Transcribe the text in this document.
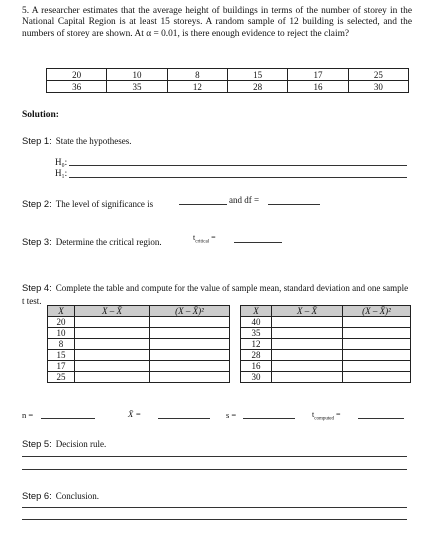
5. A researcher estimates that the average height of buildings in terms of the number of storey in the National Capital Region is at least 15 storeys. A random sample of 12 building is selected, and the numbers of storey are shown. At α = 0.01, is there enough evidence to reject the claim?
20	10	8	15	17	25
36	35	12	28	16	30
Solution:
Step 1: State the hypotheses.
H₀:
H₁:
Step 2: The level of significance is	and df =
Step 3: Determine the critical region.	$t_{critical}$ =
Step 4: Complete the table and compute for the value of sample mean, standard deviation and one sample t test.
X	X – X̄	(X – X̄)²
20		
10		
8		
15		
17		
25		
X	X – X̄	(X – X̄)²
40		
35		
12		
28		
16		
30		
n =	X̄ =	s =	$t_{computed}$ =
Step 5: Decision rule.
Step 6: Conclusion.
